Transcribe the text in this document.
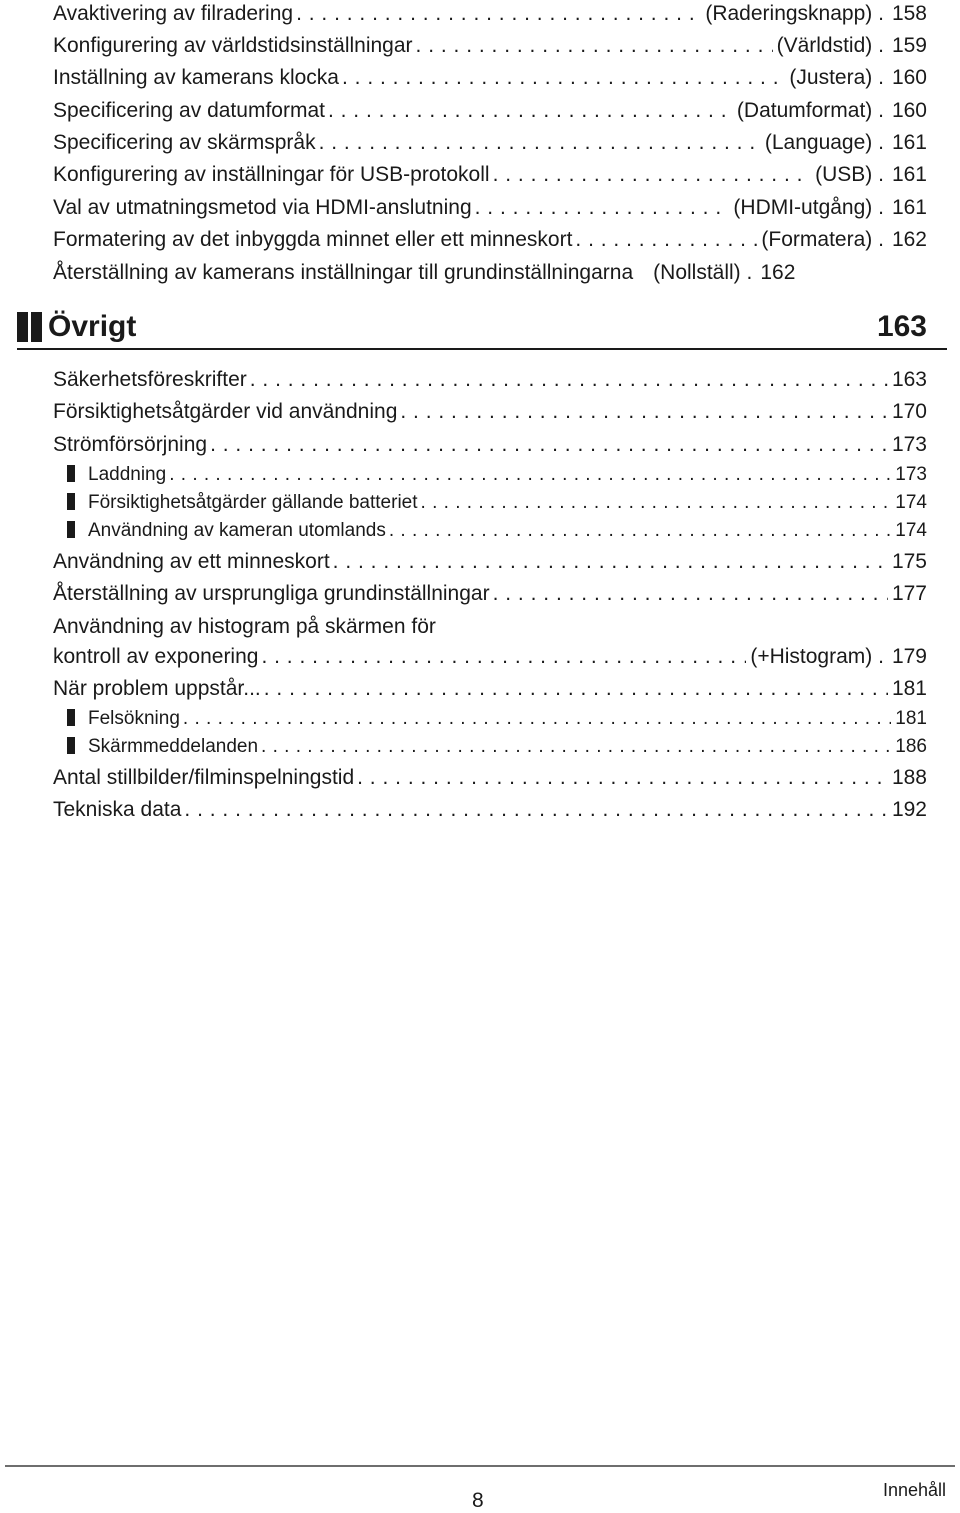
Avaktivering av filradering . . .	(Raderingsknapp) . 158
Konfigurering av världstidsinställningar . . .	(Världstid) . 159
Inställning av kamerans klocka . . .	(Justera) . 160
Specificering av datumformat . . .	(Datumformat) . 160
Specificering av skärmspråk . . .	(Language) . 161
Konfigurering av inställningar för USB-protokoll . . .	(USB) . 161
Val av utmatningsmetod via HDMI-anslutning . . .	(HDMI-utgång) . 161
Formatering av det inbyggda minnet eller ett minneskort . . .	(Formatera) . 162
Återställning av kamerans inställningar till grundinställningarna (Nollställ) . 162
Övrigt	163
Säkerhetsföreskrifter . . .	163
Försiktighetsåtgärder vid användning . . .	170
Strömförsörjning . . .	173
Laddning . . .	173
Försiktighetsåtgärder gällande batteriet . . .	174
Användning av kameran utomlands . . .	174
Användning av ett minneskort . . .	175
Återställning av ursprungliga grundinställningar . . .	177
Användning av histogram på skärmen för
kontroll av exponering . . .	(+Histogram) . 179
När problem uppstår... . . .	181
Felsökning . . .	181
Skärmmeddelanden . . .	186
Antal stillbilder/filminspelningstid . . .	188
Tekniska data . . .	192
8	Innehåll
